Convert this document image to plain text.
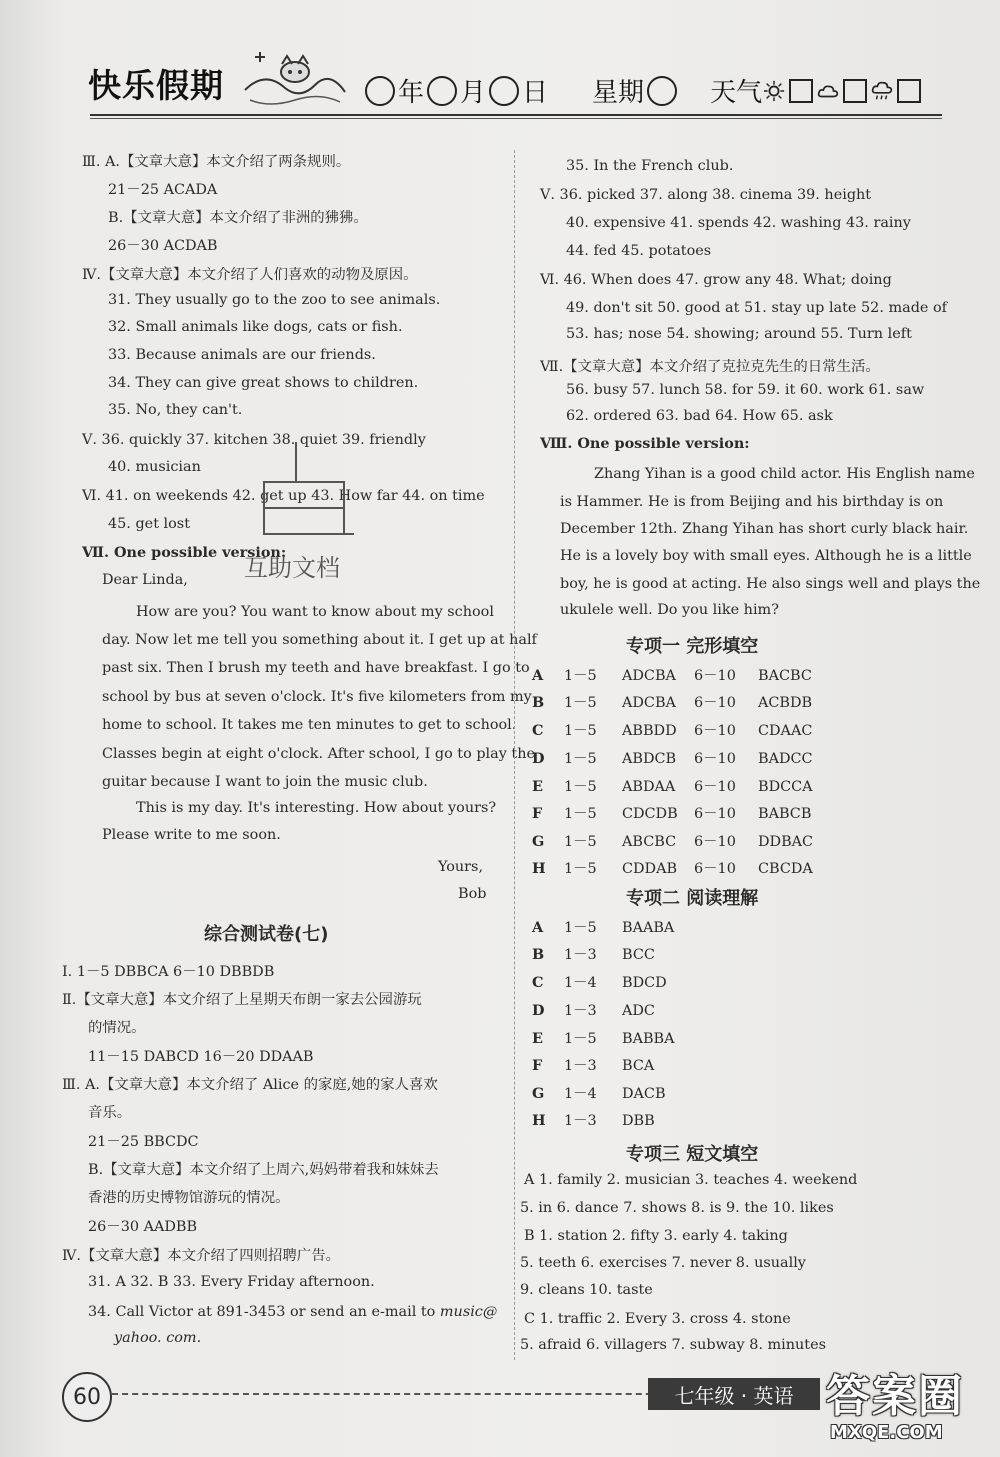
快乐假期	年 月 日 星期	天气

Ⅲ. A.【文章大意】本文介绍了两条规则。

21－25 ACADA

B.【文章大意】本文介绍了非洲的狒狒。

26－30 ACDAB

Ⅳ.【文章大意】本文介绍了人们喜欢的动物及原因。

31. They usually go to the zoo to see animals.

32. Small animals like dogs, cats or fish.

33. Because animals are our friends.

34. They can give great shows to children.

35. No, they can't.

Ⅴ. 36. quickly 37. kitchen 38. quiet 39. friendly

40. musician

Ⅵ. 41. on weekends 42. get up 43. How far 44. on time

45. get lost

Ⅶ. One possible version:

Dear Linda,

How are you? You want to know about my school

day. Now let me tell you something about it. I get up at half

past six. Then I brush my teeth and have breakfast. I go to

school by bus at seven o'clock. It's five kilometers from my

home to school. It takes me ten minutes to get to school.

Classes begin at eight o'clock. After school, I go to play the

guitar because I want to join the music club.

This is my day. It's interesting. How about yours?

Please write to me soon.

Yours,

Bob

综合测试卷(七)

Ⅰ. 1－5 DBBCA 6－10 DBBDB

Ⅱ.【文章大意】本文介绍了上星期天布朗一家去公园游玩

的情况。

11－15 DABCD 16－20 DDAAB

Ⅲ. A.【文章大意】本文介绍了 Alice 的家庭,她的家人喜欢

音乐。

21－25 BBCDC

B.【文章大意】本文介绍了上周六,妈妈带着我和妹妹去

香港的历史博物馆游玩的情况。

26－30 AADBB

Ⅳ.【文章大意】本文介绍了四则招聘广告。

31. A 32. B 33. Every Friday afternoon.

34. Call Victor at 891-3453 or send an e-mail to music@

yahoo. com.

35. In the French club.

Ⅴ. 36. picked 37. along 38. cinema 39. height

40. expensive 41. spends 42. washing 43. rainy

44. fed 45. potatoes

Ⅵ. 46. When does 47. grow any 48. What; doing

49. don't sit 50. good at 51. stay up late 52. made of

53. has; nose 54. showing; around 55. Turn left

Ⅶ.【文章大意】本文介绍了克拉克先生的日常生活。

56. busy 57. lunch 58. for 59. it 60. work 61. saw

62. ordered 63. bad 64. How 65. ask

Ⅷ. One possible version:

Zhang Yihan is a good child actor. His English name

is Hammer. He is from Beijing and his birthday is on

December 12th. Zhang Yihan has short curly black hair.

He is a lovely boy with small eyes. Although he is a little

boy, he is good at acting. He also sings well and plays the

ukulele well. Do you like him?

专项一 完形填空
A 1－5 ADCBA 6－10 BACBC
B 1－5 ADCBA 6－10 ACBDB
C 1－5 ABBDD 6－10 CDAAC
D 1－5 ABDCB 6－10 BADCC
E 1－5 ABDAA 6－10 BDCCA
F 1－5 CDCDB 6－10 BABCB
G 1－5 ABCBC 6－10 DDBAC
H 1－5 CDDAB 6－10 CBCDA
专项二 阅读理解
A 1－5 BAABA
B 1－3 BCC
C 1－4 BDCD
D 1－3 ADC
E 1－5 BABBA
F 1－3 BCA
G 1－4 DACB
H 1－3 DBB
专项三 短文填空

A 1. family 2. musician 3. teaches 4. weekend

5. in 6. dance 7. shows 8. is 9. the 10. likes

B 1. station 2. fifty 3. early 4. taking

5. teeth 6. exercises 7. never 8. usually

9. cleans 10. taste

C 1. traffic 2. Every 3. cross 4. stone

5. afraid 6. villagers 7. subway 8. minutes

互助文档
60	七年级 · 英语 答案圈
MXQE.COM
